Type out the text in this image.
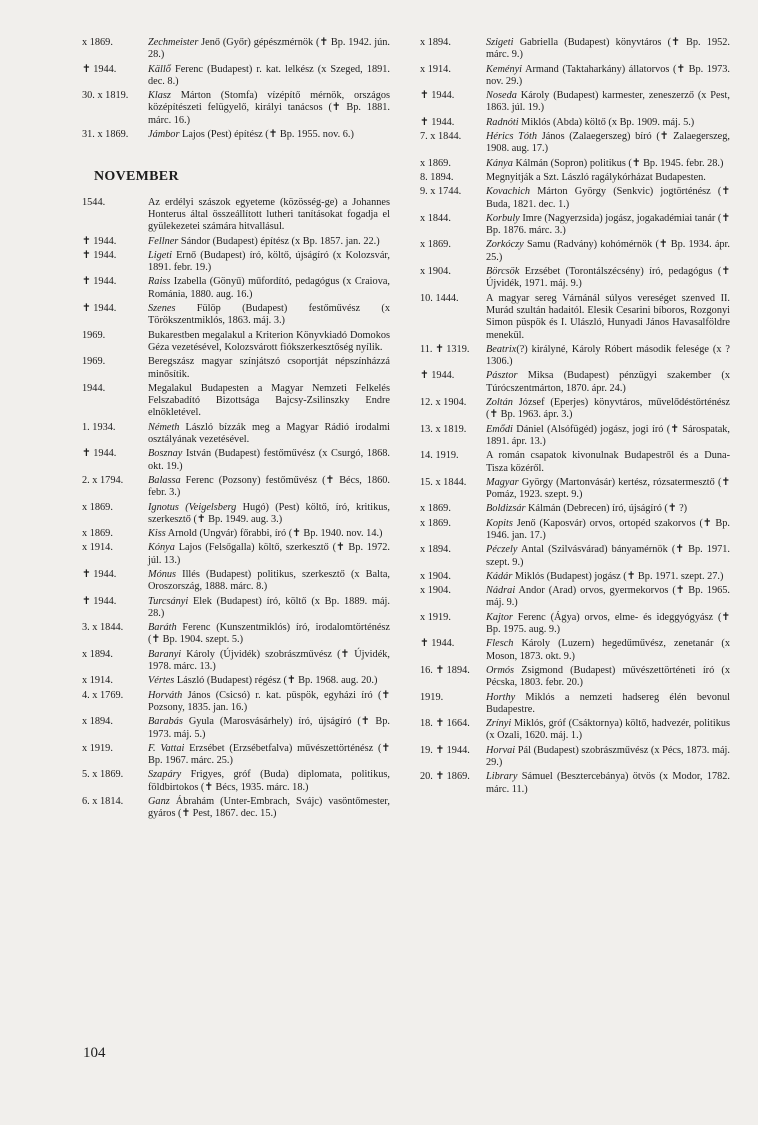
x 1869.	Zechmeister Jenő (Győr) gépészmérnök (✝ Bp. 1942. jún. 28.)
✝ 1944.	Källő Ferenc (Budapest) r. kat. lelkész (x Szeged, 1891. dec. 8.)
30. x 1819.	Klasz Márton (Stomfa) vízépítő mérnök, országos középítészeti felügyelő, királyi tanácsos (✝ Bp. 1881. márc. 16.)
31. x 1869.	Jámbor Lajos (Pest) építész (✝ Bp. 1955. nov. 6.)
NOVEMBER
1544.	Az erdélyi szászok egyeteme (közösség-ge) a Johannes Honterus által összeállított lutheri tanításokat fogadja el gyülekezetei számára hitvallásul.
✝ 1944.	Fellner Sándor (Budapest) építész (x Bp. 1857. jan. 22.)
✝ 1944.	Ligeti Ernő (Budapest) író, költő, újságíró (x Kolozsvár, 1891. febr. 19.)
✝ 1944.	Raiss Izabella (Gönyű) műfordító, pedagógus (x Craiova, Románia, 1880. aug. 16.)
✝ 1944.	Szenes Fülöp (Budapest) festőművész (x Törökszentmiklós, 1863. máj. 3.)
1969.	Bukarestben megalakul a Kriterion Könyvkiadó Domokos Géza vezetésével, Kolozsvárott fiókszerkesztőség nyílik.
1969.	Beregszász magyar színjátszó csoportját népszínházzá minősítik.
1944.	Megalakul Budapesten a Magyar Nemzeti Felkelés Felszabadító Bizottsága Bajcsy-Zsilinszky Endre elnökletével.
1. 1934.	Németh László bízzák meg a Magyar Rádió irodalmi osztályának vezetésével.
✝ 1944.	Bosznay István (Budapest) festőművész (x Csurgó, 1868. okt. 19.)
2. x 1794.	Balassa Ferenc (Pozsony) festőművész (✝ Bécs, 1860. febr. 3.)
x 1869.	Ignotus (Veigelsberg Hugó) (Pest) költő, író, kritikus, szerkesztő (✝ Bp. 1949. aug. 3.)
x 1869.	Kiss Arnold (Ungvár) főrabbi, író (✝ Bp. 1940. nov. 14.)
x 1914.	Kónya Lajos (Felsőgalla) költő, szerkesztő (✝ Bp. 1972. júl. 13.)
✝ 1944.	Mónus Illés (Budapest) politikus, szerkesztő (x Balta, Oroszország, 1888. márc. 8.)
✝ 1944.	Turcsányi Elek (Budapest) író, költő (x Bp. 1889. máj. 28.)
3. x 1844.	Baráth Ferenc (Kunszentmiklós) író, irodalomtörténész (✝ Bp. 1904. szept. 5.)
x 1894.	Baranyi Károly (Újvidék) szobrászművész (✝ Újvidék, 1978. márc. 13.)
x 1914.	Vértes László (Budapest) régész (✝ Bp. 1968. aug. 20.)
4. x 1769.	Horváth János (Csicsó) r. kat. püspök, egyházi író (✝ Pozsony, 1835. jan. 16.)
x 1894.	Barabás Gyula (Marosvásárhely) író, újságíró (✝ Bp. 1973. máj. 5.)
x 1919.	F. Vattai Erzsébet (Erzsébetfalva) művészettörténész (✝ Bp. 1967. márc. 25.)
5. x 1869.	Szapáry Frigyes, gróf (Buda) diplomata, politikus, földbirtokos (✝ Bécs, 1935. márc. 18.)
6. x 1814.	Ganz Ábrahám (Unter-Embrach, Svájc) vasöntőmester, gyáros (✝ Pest, 1867. dec. 15.)
x 1894.	Szigeti Gabriella (Budapest) könyvtáros (✝ Bp. 1952. márc. 9.)
x 1914.	Keményi Armand (Taktaharkány) állatorvos (✝ Bp. 1973. nov. 29.)
✝ 1944.	Noseda Károly (Budapest) karmester, zeneszerző (x Pest, 1863. júl. 19.)
✝ 1944.	Radnóti Miklós (Abda) költő (x Bp. 1909. máj. 5.)
7. x 1844.	Hérics Tóth János (Zalaegerszeg) bíró (✝ Zalaegerszeg, 1908. aug. 17.)
x 1869.	Kánya Kálmán (Sopron) politikus (✝ Bp. 1945. febr. 28.)
8. 1894.	Megnyitják a Szt. László ragálykórházat Budapesten.
9. x 1744.	Kovachich Márton György (Senkvic) jogtörténész (✝ Buda, 1821. dec. 1.)
x 1844.	Korbuly Imre (Nagyerzsida) jogász, jogakadémiai tanár (✝ Bp. 1876. márc. 3.)
x 1869.	Zorkóczy Samu (Radvány) kohómérnök (✝ Bp. 1934. ápr. 25.)
x 1904.	Börcsök Erzsébet (Torontálszécsény) író, pedagógus (✝ Újvidék, 1971. máj. 9.)
10. 1444.	A magyar sereg Várnánál súlyos vereséget szenved II. Murád szultán hadaitól. Elesik Cesarini bíboros, Rozgonyi Simon püspök és I. Ulászló, Hunyadi János Havasalföldre menekül.
11. ✝ 1319.	Beatrix(?) királyné, Károly Róbert második felesége (x ? 1306.)
✝ 1944.	Pásztor Miksa (Budapest) pénzügyi szakember (x Túrócszentmárton, 1870. ápr. 24.)
12. x 1904.	Zoltán József (Eperjes) könyvtáros, művelődéstörténész (✝ Bp. 1963. ápr. 3.)
13. x 1819.	Emődi Dániel (Alsófügéd) jogász, jogi író (✝ Sárospatak, 1891. ápr. 13.)
14. 1919.	A román csapatok kivonulnak Budapestről és a Duna-Tisza közéről.
15. x 1844.	Magyar György (Martonvásár) kertész, rózsatermesztő (✝ Pomáz, 1923. szept. 9.)
x 1869.	Boldizsár Kálmán (Debrecen) író, újságíró (✝ ?)
x 1869.	Kopits Jenő (Kaposvár) orvos, ortopéd szakorvos (✝ Bp. 1946. jan. 17.)
x 1894.	Péczely Antal (Szilvásvárad) bányamérnök (✝ Bp. 1971. szept. 9.)
x 1904.	Kádár Miklós (Budapest) jogász (✝ Bp. 1971. szept. 27.)
x 1904.	Nádrai Andor (Arad) orvos, gyermekorvos (✝ Bp. 1965. máj. 9.)
x 1919.	Kajtor Ferenc (Ágya) orvos, elme- és ideggyógyász (✝ Bp. 1975. aug. 9.)
✝ 1944.	Flesch Károly (Luzern) hegedűművész, zenetanár (x Moson, 1873. okt. 9.)
16. ✝ 1894.	Ormós Zsigmond (Budapest) művészettörténeti író (x Pécska, 1803. febr. 20.)
1919.	Horthy Miklós a nemzeti hadsereg élén bevonul Budapestre.
18. ✝ 1664.	Zrínyi Miklós, gróf (Csáktornya) költő, hadvezér, politikus (x Ozali, 1620. máj. 1.)
19. ✝ 1944.	Horvai Pál (Budapest) szobrászművész (x Pécs, 1873. máj. 29.)
20. ✝ 1869.	Library Sámuel (Besztercebánya) ötvös (x Modor, 1782. márc. 11.)
104
